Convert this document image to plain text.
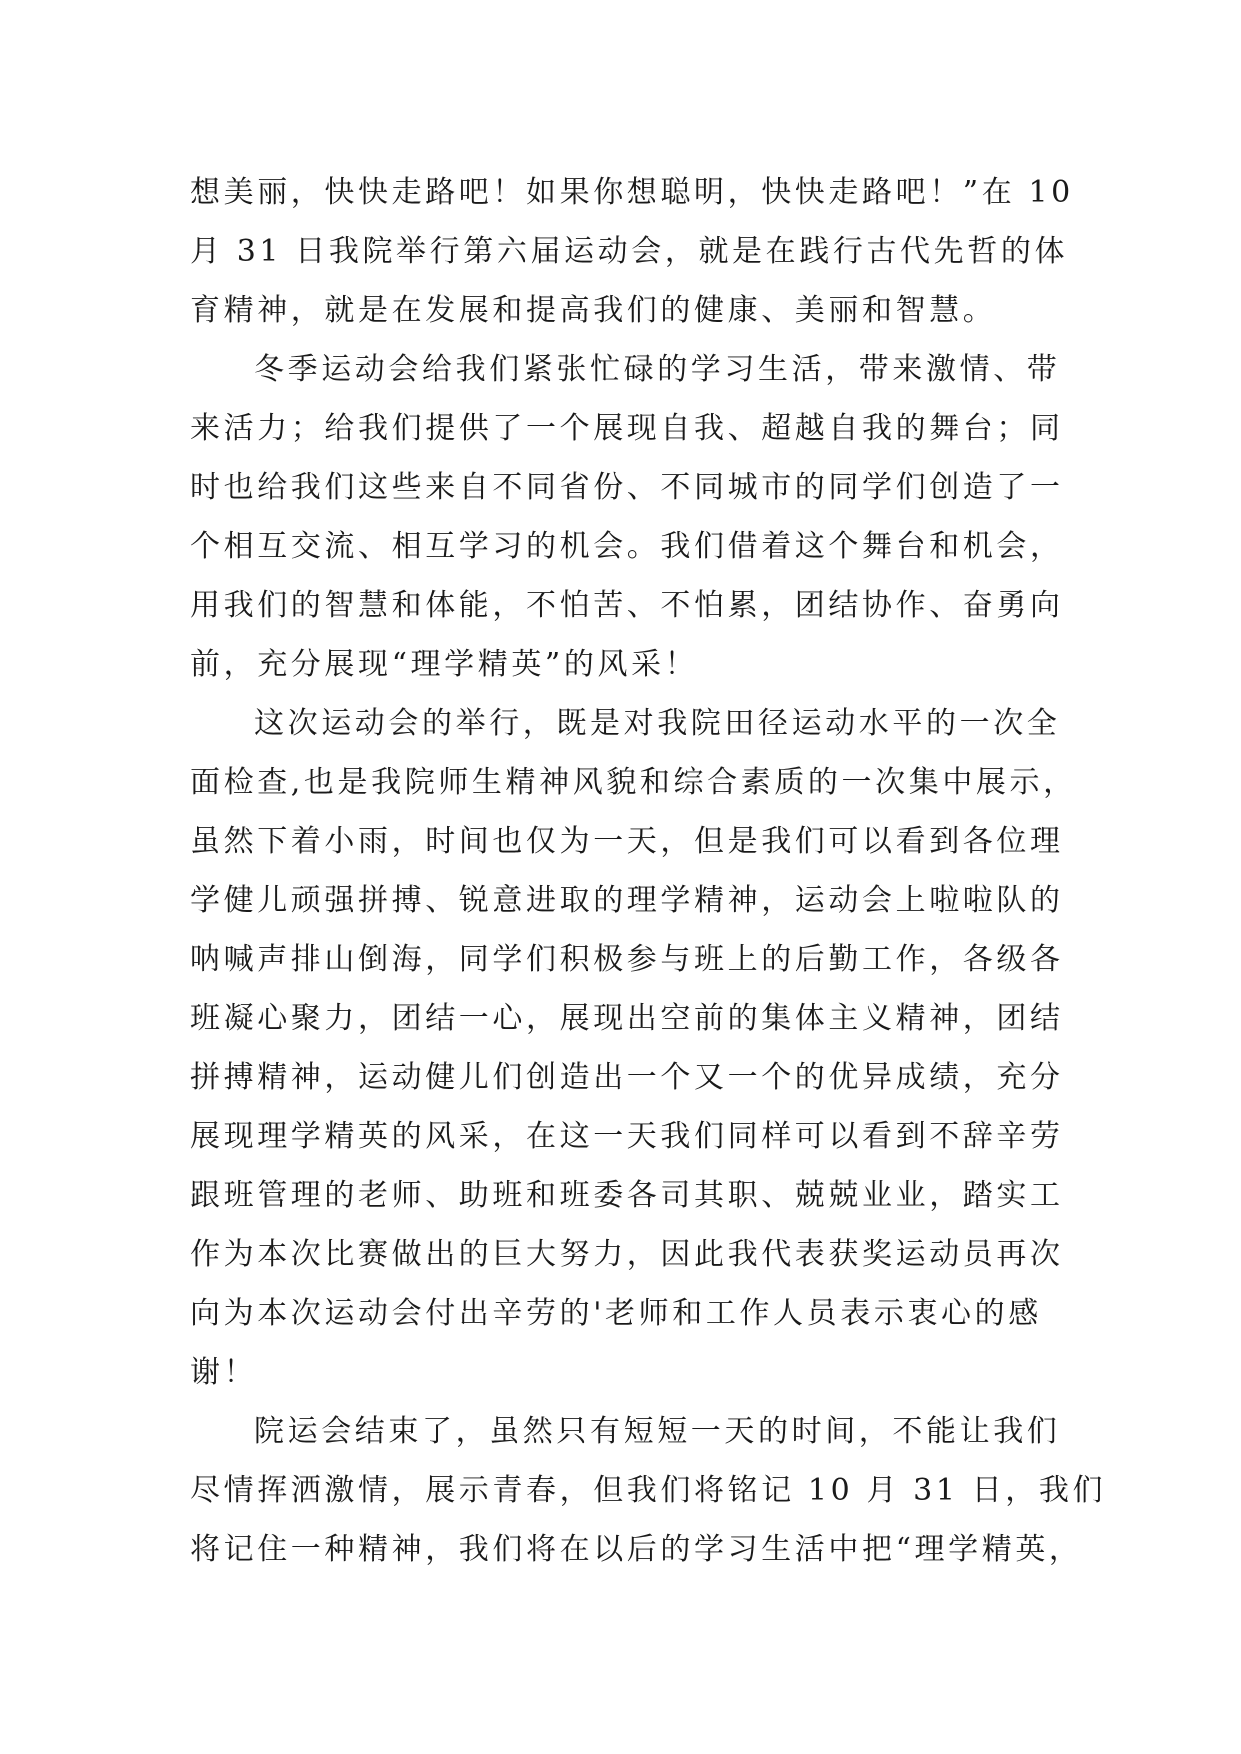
想美丽，快快走路吧！如果你想聪明，快快走路吧！”在 10
月 31 日我院举行第六届运动会，就是在践行古代先哲的体
育精神，就是在发展和提高我们的健康、美丽和智慧。
冬季运动会给我们紧张忙碌的学习生活，带来激情、带
来活力；给我们提供了一个展现自我、超越自我的舞台；同
时也给我们这些来自不同省份、不同城市的同学们创造了一
个相互交流、相互学习的机会。我们借着这个舞台和机会，
用我们的智慧和体能，不怕苦、不怕累，团结协作、奋勇向
前，充分展现“理学精英”的风采！
这次运动会的举行，既是对我院田径运动水平的一次全
面检查,也是我院师生精神风貌和综合素质的一次集中展示，
虽然下着小雨，时间也仅为一天，但是我们可以看到各位理
学健儿顽强拼搏、锐意进取的理学精神，运动会上啦啦队的
呐喊声排山倒海，同学们积极参与班上的后勤工作，各级各
班凝心聚力，团结一心，展现出空前的集体主义精神，团结
拼搏精神，运动健儿们创造出一个又一个的优异成绩，充分
展现理学精英的风采，在这一天我们同样可以看到不辞辛劳
跟班管理的老师、助班和班委各司其职、兢兢业业，踏实工
作为本次比赛做出的巨大努力，因此我代表获奖运动员再次
向为本次运动会付出辛劳的'老师和工作人员表示衷心的感
谢！
院运会结束了，虽然只有短短一天的时间，不能让我们
尽情挥洒激情，展示青春，但我们将铭记 10 月 31 日，我们
将记住一种精神，我们将在以后的学习生活中把“理学精英，
